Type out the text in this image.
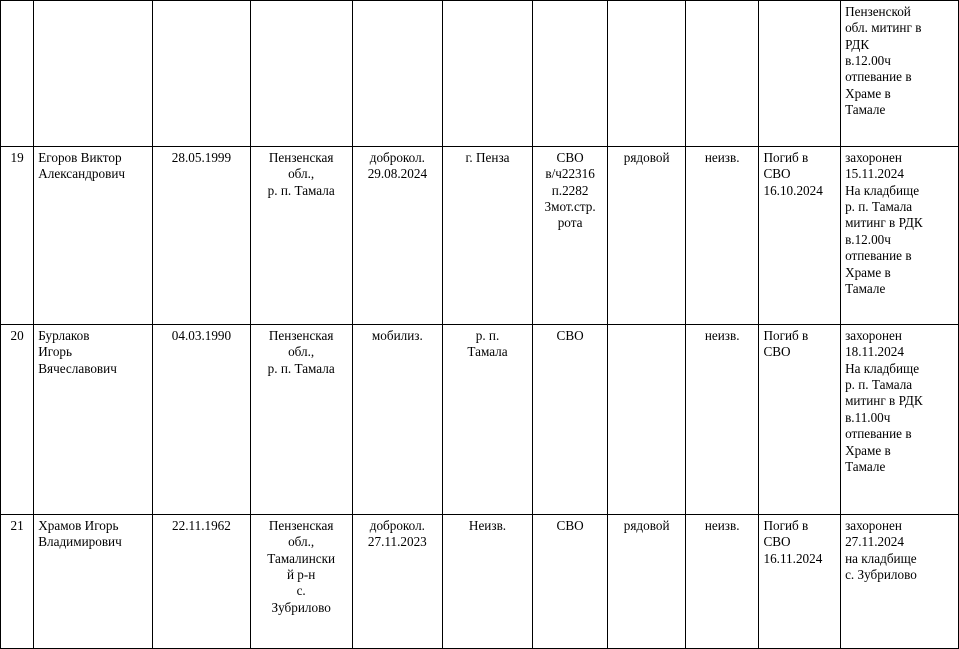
Пензенской
обл. митинг в
РДК
в.12.00ч
отпевание в
Храме в
Тамале

19	Егоров Виктор
Александрович
	28.05.1999	Пензенская
обл.,
р. п. Тамала

доброкол.
29.08.2024
	г. Пенза	СВО
в/ч22316
п.2282
3мот.стр.
рота
	рядовой	неизв.	Погиб в
СВО
16.10.2024

захоронен
15.11.2024
На кладбище
р. п. Тамала
митинг в РДК
в.12.00ч
отпевание в
Храме в
Тамале

20	Бурлаков
Игорь
Вячеславович
	04.03.1990	Пензенская
обл.,
р. п. Тамала
	мобилиз.	р. п.
Тамала
	СВО		неизв.	Погиб в
СВО

захоронен
18.11.2024
На кладбище
р. п. Тамала
митинг в РДК
в.11.00ч
отпевание в
Храме в
Тамале

21	Храмов Игорь
Владимирович
	22.11.1962	Пензенская
обл.,
Тамалински
й р-н
с.
Зубрилово

доброкол.
27.11.2023
	Неизв.	СВО	рядовой	неизв.	Погиб в
СВО
16.11.2024

захоронен
27.11.2024
на кладбище
с. Зубрилово
